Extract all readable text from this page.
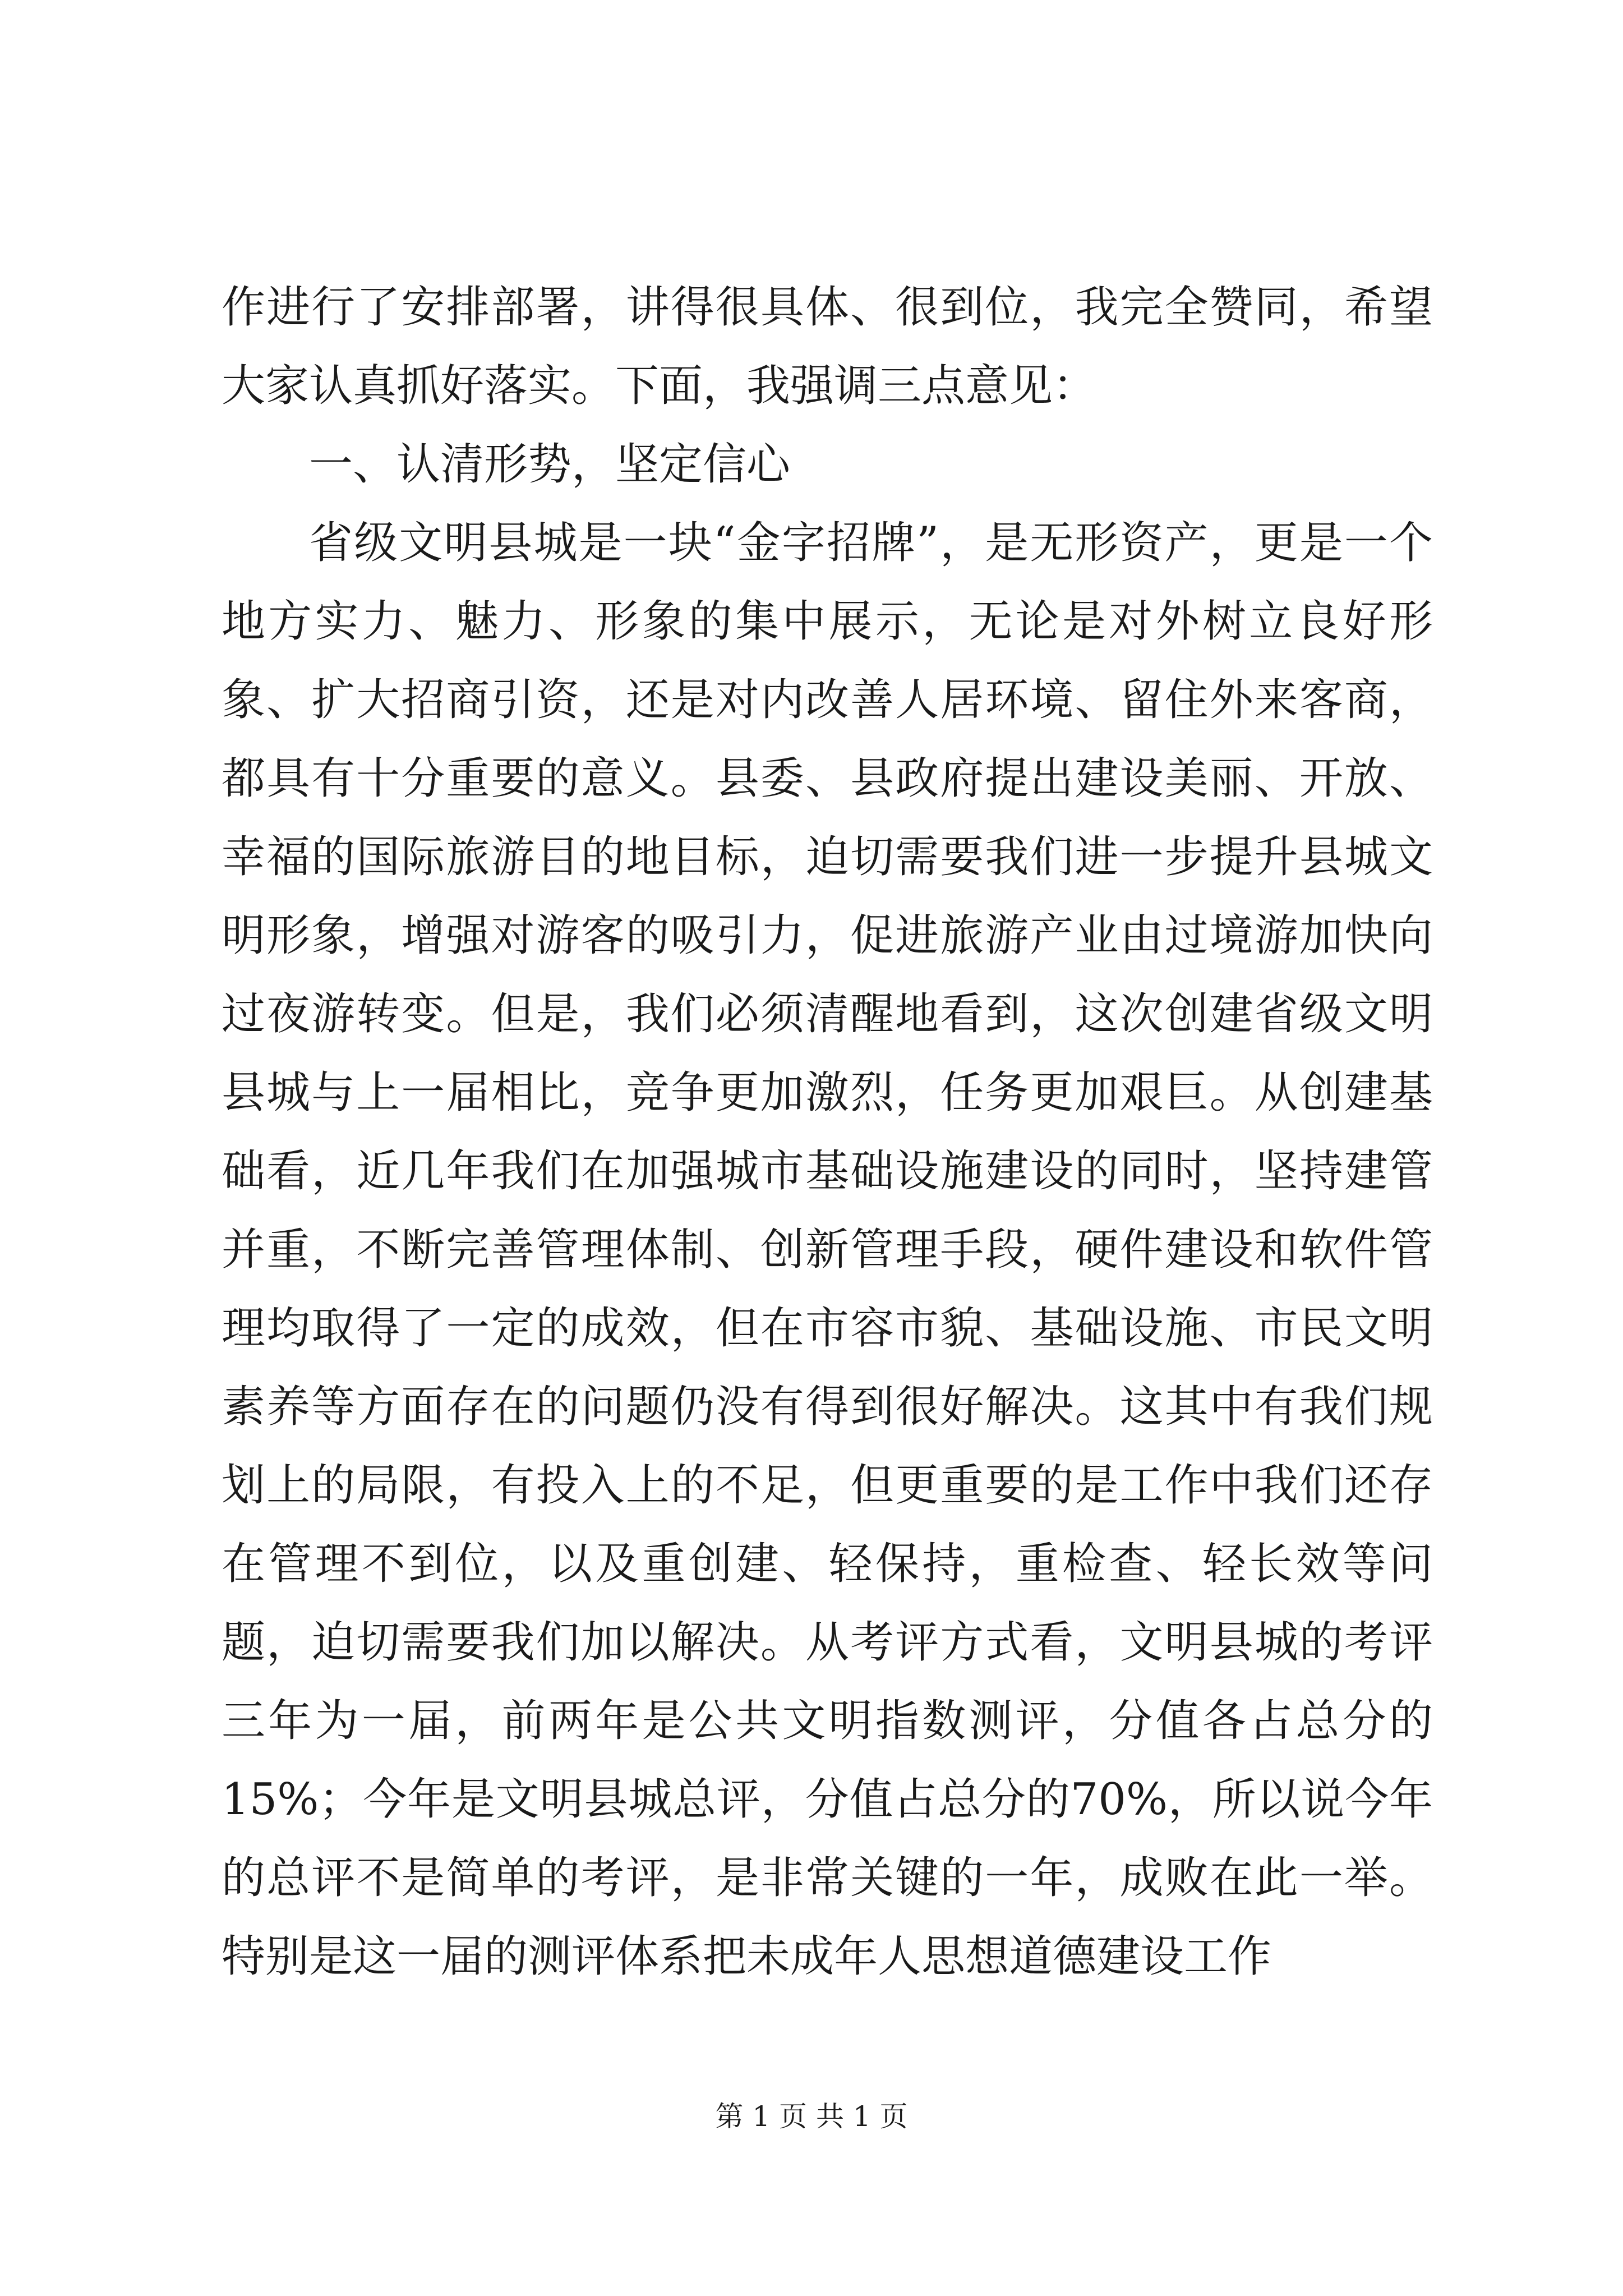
作进行了安排部署，讲得很具体、很到位，我完全赞同，希望大家认真抓好落实。下面，我强调三点意见：

一、认清形势，坚定信心

省级文明县城是一块“金字招牌”，是无形资产，更是一个地方实力、魅力、形象的集中展示，无论是对外树立良好形象、扩大招商引资，还是对内改善人居环境、留住外来客商，都具有十分重要的意义。县委、县政府提出建设美丽、开放、幸福的国际旅游目的地目标，迫切需要我们进一步提升县城文明形象，增强对游客的吸引力，促进旅游产业由过境游加快向过夜游转变。但是，我们必须清醒地看到，这次创建省级文明县城与上一届相比，竞争更加激烈，任务更加艰巨。从创建基础看，近几年我们在加强城市基础设施建设的同时，坚持建管并重，不断完善管理体制、创新管理手段，硬件建设和软件管理均取得了一定的成效，但在市容市貌、基础设施、市民文明素养等方面存在的问题仍没有得到很好解决。这其中有我们规划上的局限，有投入上的不足，但更重要的是工作中我们还存在管理不到位，以及重创建、轻保持，重检查、轻长效等问题，迫切需要我们加以解决。从考评方式看，文明县城的考评三年为一届，前两年是公共文明指数测评，分值各占总分的15%；今年是文明县城总评，分值占总分的70%，所以说今年的总评不是简单的考评，是非常关键的一年，成败在此一举。特别是这一届的测评体系把未成年人思想道德建设工作

第 1 页 共 1 页
